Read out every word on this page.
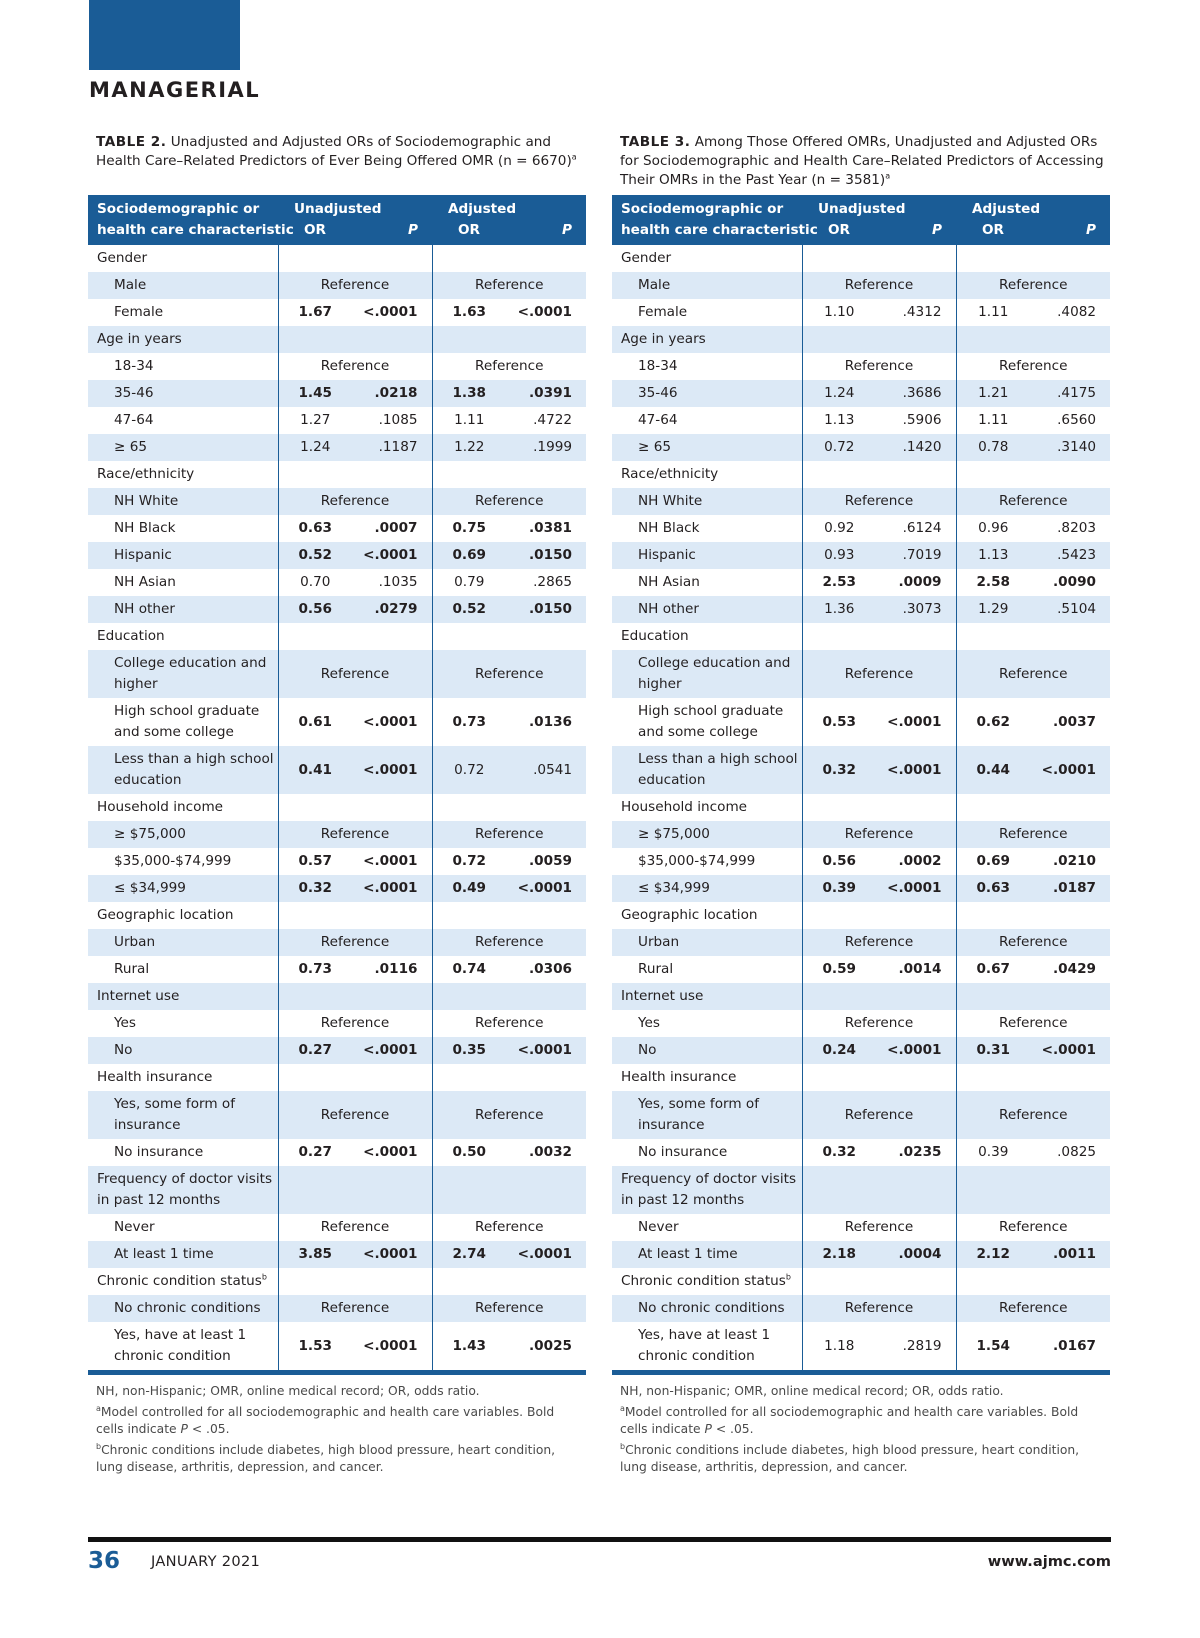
MANAGERIAL
TABLE 2. Unadjusted and Adjusted ORs of Sociodemographic and Health Care–Related Predictors of Ever Being Offered OMR (n = 6670)$^a$
Sociodemographic or	Unadjusted		Adjusted	
health care characteristic	OR	P	OR	P
Gender				
Male	Reference		Reference	
Female	1.67	<.0001	1.63	<.0001
Age in years				
18-34	Reference		Reference	
35-46	1.45	.0218	1.38	.0391
47-64	1.27	.1085	1.11	.4722
≥ 65	1.24	.1187	1.22	.1999
Race/ethnicity				
NH White	Reference		Reference	
NH Black	0.63	.0007	0.75	.0381
Hispanic	0.52	<.0001	0.69	.0150
NH Asian	0.70	.1035	0.79	.2865
NH other	0.56	.0279	0.52	.0150
Education				
College education and higher	Reference		Reference	
High school graduate and some college	0.61	<.0001	0.73	.0136
Less than a high school education	0.41	<.0001	0.72	.0541
Household income				
≥ $75,000	Reference		Reference	
$35,000-$74,999	0.57	<.0001	0.72	.0059
≤ $34,999	0.32	<.0001	0.49	<.0001
Geographic location				
Urban	Reference		Reference	
Rural	0.73	.0116	0.74	.0306
Internet use				
Yes	Reference		Reference	
No	0.27	<.0001	0.35	<.0001
Health insurance				
Yes, some form of insurance	Reference		Reference	
No insurance	0.27	<.0001	0.50	.0032
Frequency of doctor visits in past 12 months				
Never	Reference		Reference	
At least 1 time	3.85	<.0001	2.74	<.0001
Chronic condition status$^b$		
No chronic conditions	Reference		Reference	
Yes, have at least 1 chronic condition	1.53	<.0001	1.43	.0025

NH, non-Hispanic; OMR, online medical record; OR, odds ratio.

$^a$Model controlled for all sociodemographic and health care variables. Bold cells indicate P < .05.

$^b$Chronic conditions include diabetes, high blood pressure, heart condition, lung disease, arthritis, depression, and cancer.

TABLE 3. Among Those Offered OMRs, Unadjusted and Adjusted ORs for Sociodemographic and Health Care–Related Predictors of Accessing Their OMRs in the Past Year (n = 3581)$^a$
Sociodemographic or	Unadjusted		Adjusted	
health care characteristic	OR	P	OR	P
Gender				
Male	Reference		Reference	
Female	1.10	.4312	1.11	.4082
Age in years				
18-34	Reference		Reference	
35-46	1.24	.3686	1.21	.4175
47-64	1.13	.5906	1.11	.6560
≥ 65	0.72	.1420	0.78	.3140
Race/ethnicity				
NH White	Reference		Reference	
NH Black	0.92	.6124	0.96	.8203
Hispanic	0.93	.7019	1.13	.5423
NH Asian	2.53	.0009	2.58	.0090
NH other	1.36	.3073	1.29	.5104
Education				
College education and higher	Reference		Reference	
High school graduate and some college	0.53	<.0001	0.62	.0037
Less than a high school education	0.32	<.0001	0.44	<.0001
Household income				
≥ $75,000	Reference		Reference	
$35,000-$74,999	0.56	.0002	0.69	.0210
≤ $34,999	0.39	<.0001	0.63	.0187
Geographic location				
Urban	Reference		Reference	
Rural	0.59	.0014	0.67	.0429
Internet use				
Yes	Reference		Reference	
No	0.24	<.0001	0.31	<.0001
Health insurance				
Yes, some form of insurance	Reference		Reference	
No insurance	0.32	.0235	0.39	.0825
Frequency of doctor visits in past 12 months				
Never	Reference		Reference	
At least 1 time	2.18	.0004	2.12	.0011
Chronic condition status$^b$		
No chronic conditions	Reference		Reference	
Yes, have at least 1 chronic condition	1.18	.2819	1.54	.0167

NH, non-Hispanic; OMR, online medical record; OR, odds ratio.

$^a$Model controlled for all sociodemographic and health care variables. Bold cells indicate P < .05.

$^b$Chronic conditions include diabetes, high blood pressure, heart condition, lung disease, arthritis, depression, and cancer.

36 JANUARY 2021	www.ajmc.com
